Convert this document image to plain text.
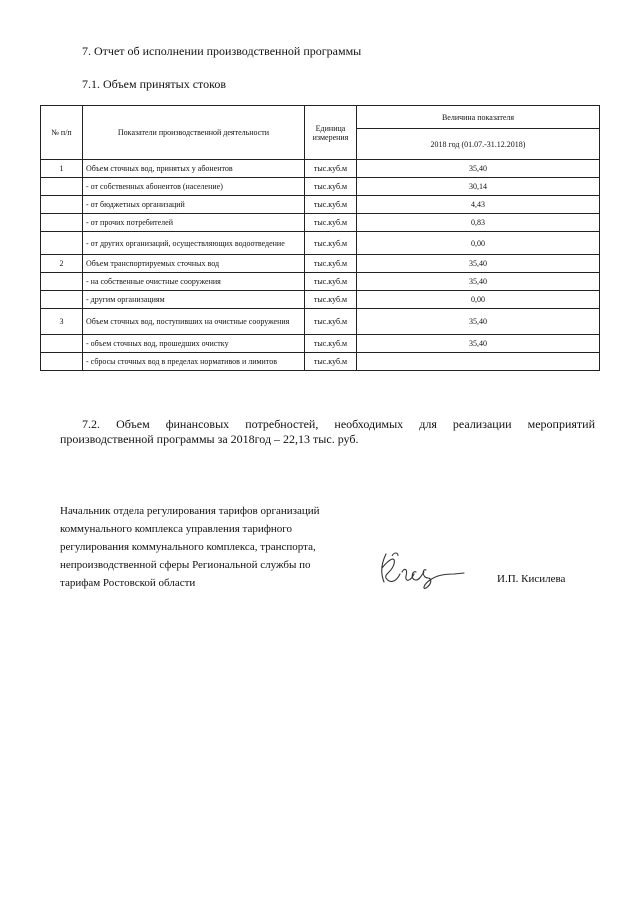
7. Отчет об исполнении производственной программы
7.1. Объем принятых стоков
№ п/п	Показатели производственной деятельности	Единица измерения	Величина показателя
			2018 год (01.07.-31.12.2018)
1	Объем сточных вод, принятых у абонентов	тыс.куб.м	35,40
	- от собственных абонентов (население)	тыс.куб.м	30,14
	- от бюджетных организаций	тыс.куб.м	4,43
	- от прочих потребителей	тыс.куб.м	0,83
	- от других организаций, осуществляющих водоотведение	тыс.куб.м	0,00
2	Объем транспортируемых сточных вод	тыс.куб.м	35,40
	- на собственные очистные сооружения	тыс.куб.м	35,40
	- другим организациям	тыс.куб.м	0,00
3	Объем сточных вод, поступивших на очистные сооружения	тыс.куб.м	35,40
	- объем сточных вод, прошедших очистку	тыс.куб.м	35,40
	- сбросы сточных вод в пределах нормативов и лимитов	тыс.куб.м	
7.2. Объем финансовых потребностей, необходимых для реализации мероприятий
производственной программы за 2018год – 22,13 тыс. руб.
Начальник отдела регулирования тарифов организаций
коммунального комплекса управления тарифного
регулирования коммунального комплекса, транспорта,
непроизводственной сферы Региональной службы по
тарифам Ростовской области	И.П. Кисилева
